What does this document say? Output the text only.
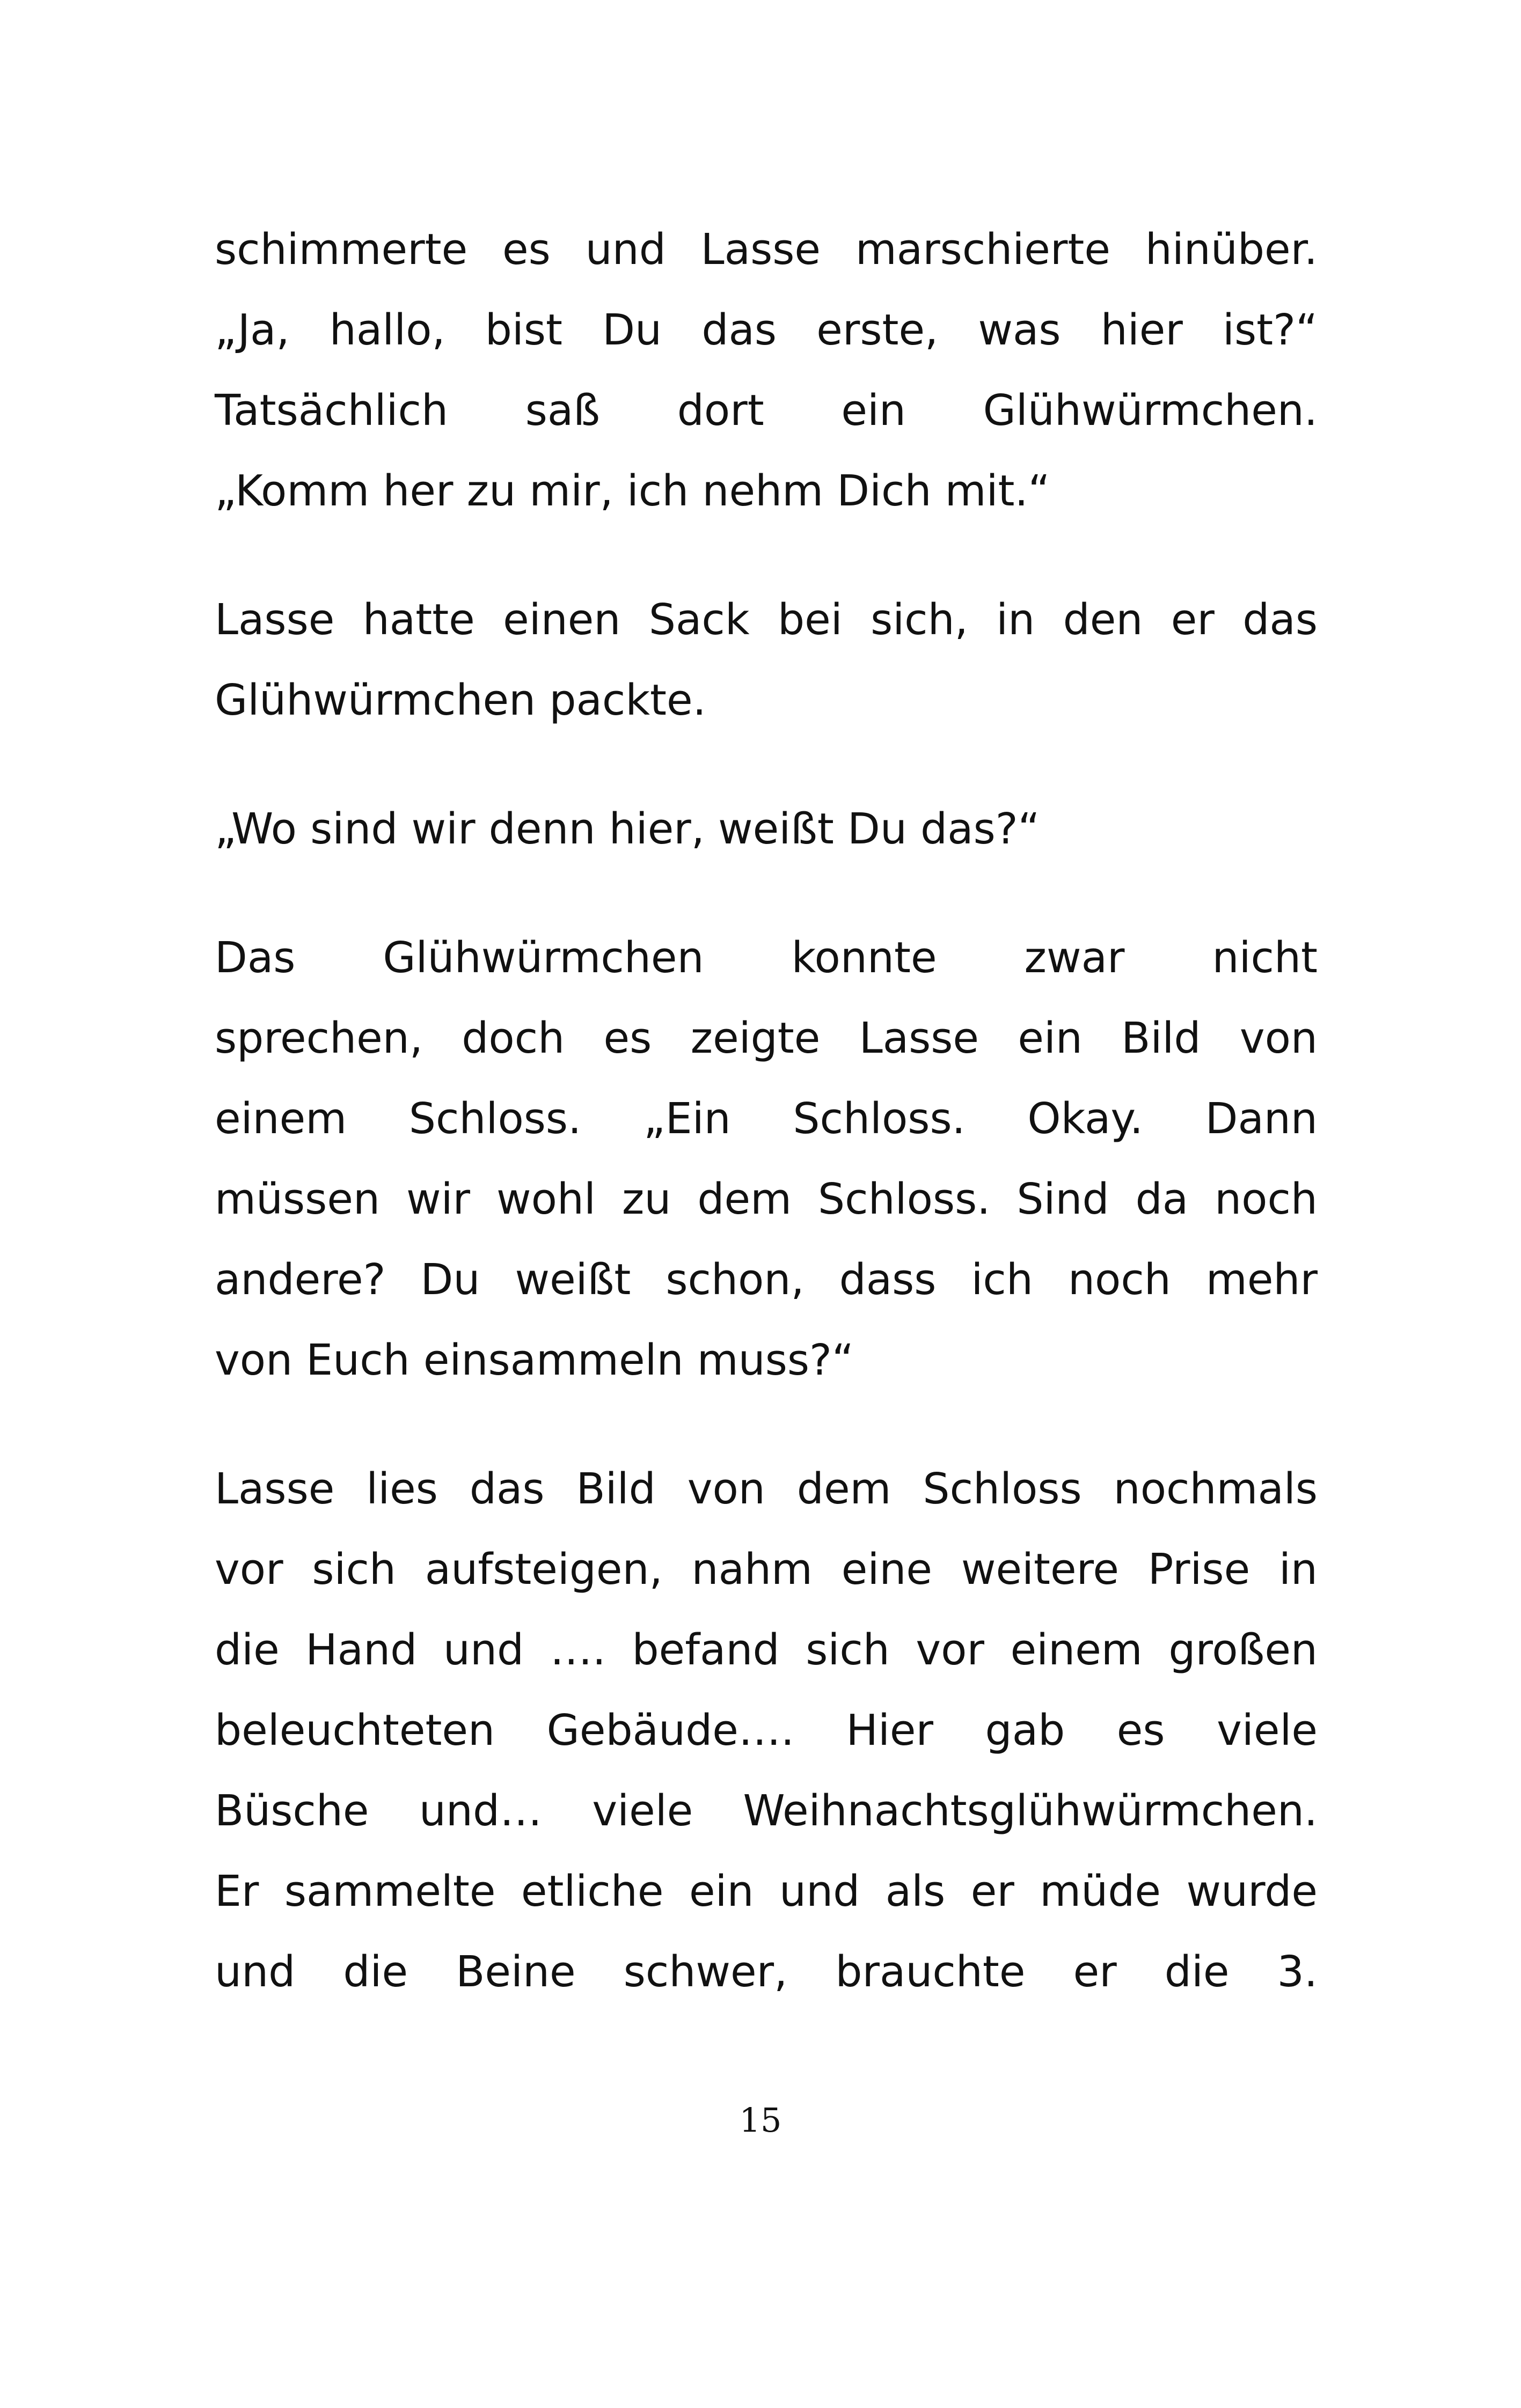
schimmerte es und Lasse marschierte hinüber.
„Ja, hallo, bist Du das erste, was hier ist?“
Tatsächlich saß dort ein Glühwürmchen.
„Komm her zu mir, ich nehm Dich mit.“

Lasse hatte einen Sack bei sich, in den er das
Glühwürmchen packte.

„Wo sind wir denn hier, weißt Du das?“

Das Glühwürmchen konnte zwar nicht
sprechen, doch es zeigte Lasse ein Bild von
einem Schloss. „Ein Schloss. Okay. Dann
müssen wir wohl zu dem Schloss. Sind da noch
andere? Du weißt schon, dass ich noch mehr
von Euch einsammeln muss?“

Lasse lies das Bild von dem Schloss nochmals
vor sich aufsteigen, nahm eine weitere Prise in
die Hand und …. befand sich vor einem großen
beleuchteten Gebäude…. Hier gab es viele
Büsche und… viele Weihnachtsglühwürmchen.
Er sammelte etliche ein und als er müde wurde
und die Beine schwer, brauchte er die 3.

15
